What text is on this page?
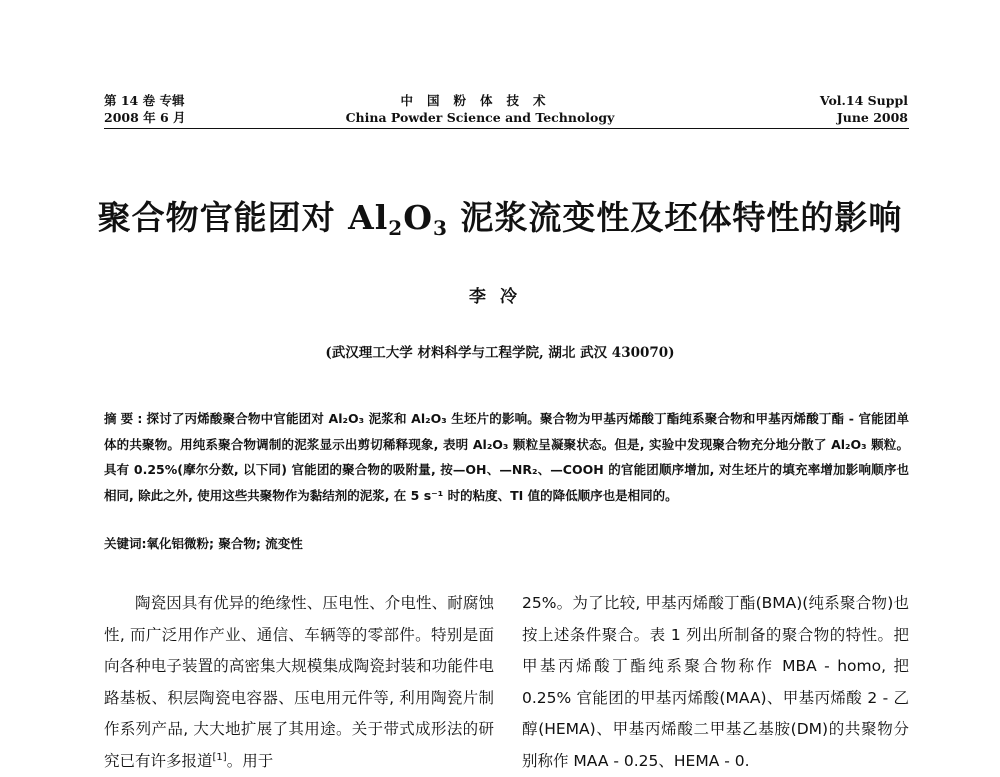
第 14 卷 专辑
2008 年 6 月
中国粉体技术
China Powder Science and Technology
Vol.14 Suppl
June 2008
聚合物官能团对 $Al_2O_3$ 泥浆流变性及坯体特性的影响
李冷
(武汉理工大学 材料科学与工程学院, 湖北 武汉 430070)
摘要:探讨了丙烯酸聚合物中官能团对 Al₂O₃ 泥浆和 Al₂O₃ 生坯片的影响。聚合物为甲基丙烯酸丁酯纯系聚合物和甲基丙烯酸丁酯 - 官能团单体的共聚物。用纯系聚合物调制的泥浆显示出剪切稀释现象, 表明 Al₂O₃ 颗粒呈凝聚状态。但是, 实验中发现聚合物充分地分散了 Al₂O₃ 颗粒。具有 0.25%(摩尔分数, 以下同) 官能团的聚合物的吸附量, 按—OH、—NR₂、—COOH 的官能团顺序增加, 对生坯片的填充率增加影响顺序也相同, 除此之外, 使用这些共聚物作为黏结剂的泥浆, 在 5 s⁻¹ 时的粘度、TI 值的降低顺序也是相同的。
关键词:氧化铝微粉; 聚合物; 流变性
陶瓷因具有优异的绝缘性、压电性、介电性、耐腐蚀性, 而广泛用作产业、通信、车辆等的零部件。特别是面向各种电子装置的高密集大规模集成陶瓷封装和功能件电路基板、积层陶瓷电容器、压电用元件等, 利用陶瓷片制作系列产品, 大大地扩展了其用途。关于带式成形法的研究已有许多报道[1]。用于
25%。为了比较, 甲基丙烯酸丁酯(BMA)(纯系聚合物)也按上述条件聚合。表 1 列出所制备的聚合物的特性。把甲基丙烯酸丁酯纯系聚合物称作 MBA - homo, 把 0.25% 官能团的甲基丙烯酸(MAA)、甲基丙烯酸 2 - 乙醇(HEMA)、甲基丙烯酸二甲基乙基胺(DM)的共聚物分别称作 MAA - 0.25、HEMA - 0.
